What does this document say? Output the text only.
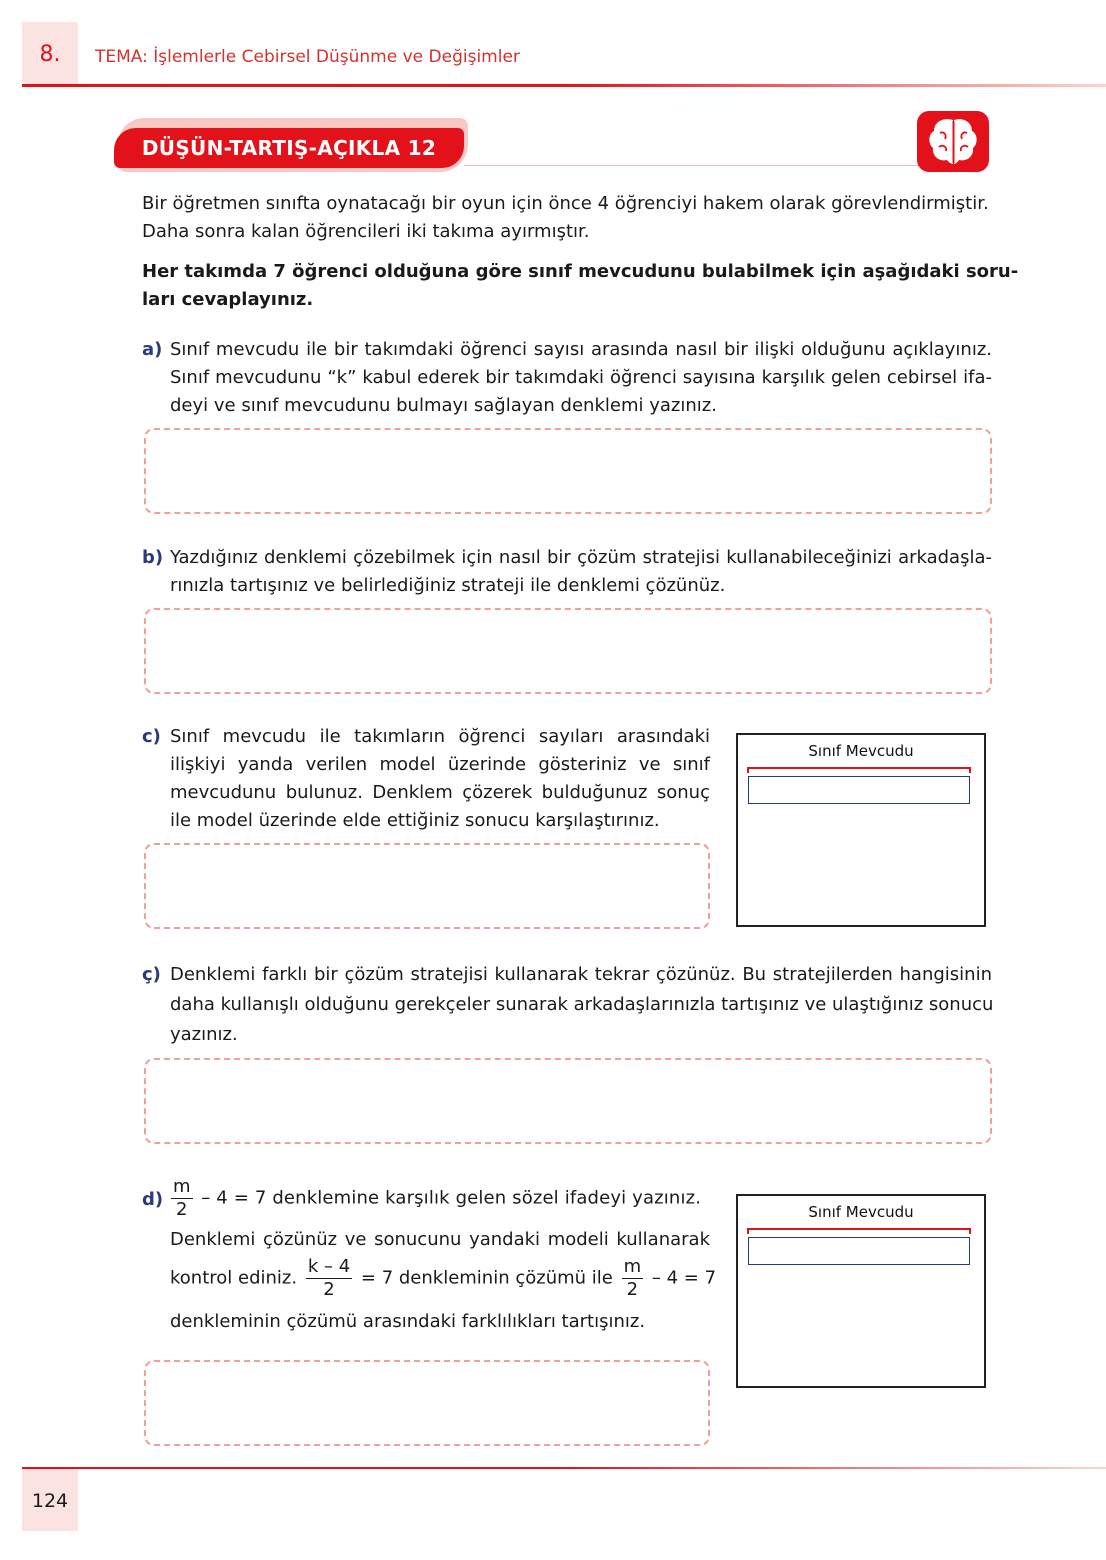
8.	TEMA: İşlemlerle Cebirsel Düşünme ve Değişimler
DÜŞÜN-TARTIŞ-AÇIKLA 12
Bir öğretmen sınıfta oynatacağı bir oyun için önce 4 öğrenciyi hakem olarak görevlendirmiştir.
Daha sonra kalan öğrencileri iki takıma ayırmıştır.
Her takımda 7 öğrenci olduğuna göre sınıf mevcudunu bulabilmek için aşağıdaki soru-
ları cevaplayınız.
a) Sınıf mevcudu ile bir takımdaki öğrenci sayısı arasında nasıl bir ilişki olduğunu açıklayınız.
Sınıf mevcudunu “k” kabul ederek bir takımdaki öğrenci sayısına karşılık gelen cebirsel ifa-
deyi ve sınıf mevcudunu bulmayı sağlayan denklemi yazınız.
b) Yazdığınız denklemi çözebilmek için nasıl bir çözüm stratejisi kullanabileceğinizi arkadaşla-
rınızla tartışınız ve belirlediğiniz strateji ile denklemi çözünüz.
c) Sınıf mevcudu ile takımların öğrenci sayıları arasındaki
ilişkiyi yanda verilen model üzerinde gösteriniz ve sınıf
mevcudunu bulunuz. Denklem çözerek bulduğunuz sonuç
ile model üzerinde elde ettiğiniz sonucu karşılaştırınız.
Sınıf Mevcudu
ç) Denklemi farklı bir çözüm stratejisi kullanarak tekrar çözünüz. Bu stratejilerden hangisinin
daha kullanışlı olduğunu gerekçeler sunarak arkadaşlarınızla tartışınız ve ulaştığınız sonucu
yazınız.
$d) \frac{m}{2} - 4 = 7$ denklemine karşılık gelen sözel ifadeyi yazınız.
Denklemi çözünüz ve sonucunu yandaki modeli kullanarak
kontrol ediniz. $\frac{k - 4}{2} = 7$ denkleminin çözümü ile $\frac{m}{2} - 4 = 7$
denkleminin çözümü arasındaki farklılıkları tartışınız.
Sınıf Mevcudu
124
